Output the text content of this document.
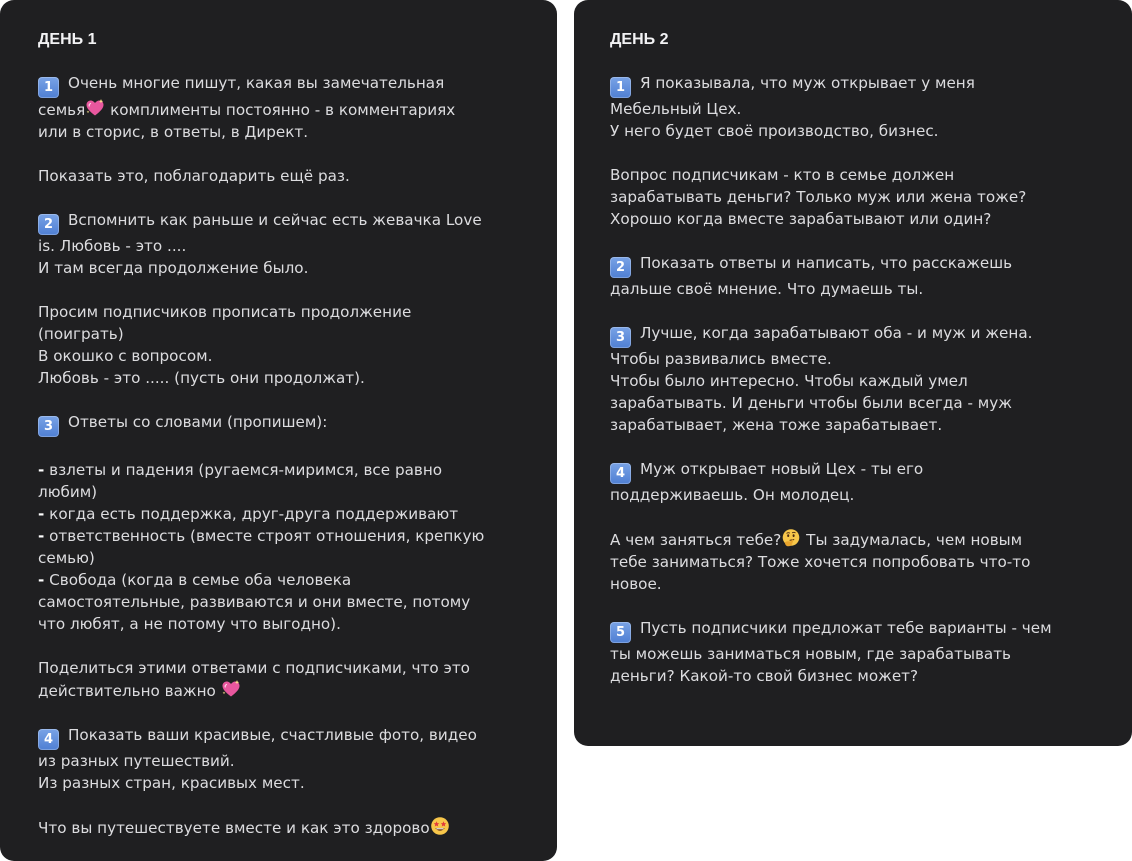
ДЕНЬ 1
1 Очень многие пишут, какая вы замечательная
семья
комплименты постоянно - в комментариях
или в сторис, в ответы, в Директ.
Показать это, поблагодарить ещё раз.
2 Вспомнить как раньше и сейчас есть жевачка Love
is. Любовь - это ....
И там всегда продолжение было.
Просим подписчиков прописать продолжение
(поиграть)
В окошко с вопросом.
Любовь - это ..... (пусть они продолжат).
3 Ответы со словами (пропишем):
- взлеты и падения (ругаемся-миримся, все равно
любим)
- когда есть поддержка, друг-друга поддерживают
- ответственность (вместе строят отношения, крепкую
семью)
- Свобода (когда в семье оба человека
самостоятельные, развиваются и они вместе, потому
что любят, а не потому что выгодно).
Поделиться этими ответами с подписчиками, что это
действительно важно
4 Показать ваши красивые, счастливые фото, видео
из разных путешествий.
Из разных стран, красивых мест.
Что вы путешествуете вместе и как это здорово
ДЕНЬ 2
1 Я показывала, что муж открывает у меня
Мебельный Цех.
У него будет своё производство, бизнес.
Вопрос подписчикам - кто в семье должен
зарабатывать деньги? Только муж или жена тоже?
Хорошо когда вместе зарабатывают или один?
2 Показать ответы и написать, что расскажешь
дальше своё мнение. Что думаешь ты.
3 Лучше, когда зарабатывают оба - и муж и жена.
Чтобы развивались вместе.
Чтобы было интересно. Чтобы каждый умел
зарабатывать. И деньги чтобы были всегда - муж
зарабатывает, жена тоже зарабатывает.
4 Муж открывает новый Цех - ты его
поддерживаешь. Он молодец.
А чем заняться тебе?
Ты задумалась, чем новым
тебе заниматься? Тоже хочется попробовать что-то
новое.
5 Пусть подписчики предложат тебе варианты - чем
ты можешь заниматься новым, где зарабатывать
деньги? Какой-то свой бизнес может?
